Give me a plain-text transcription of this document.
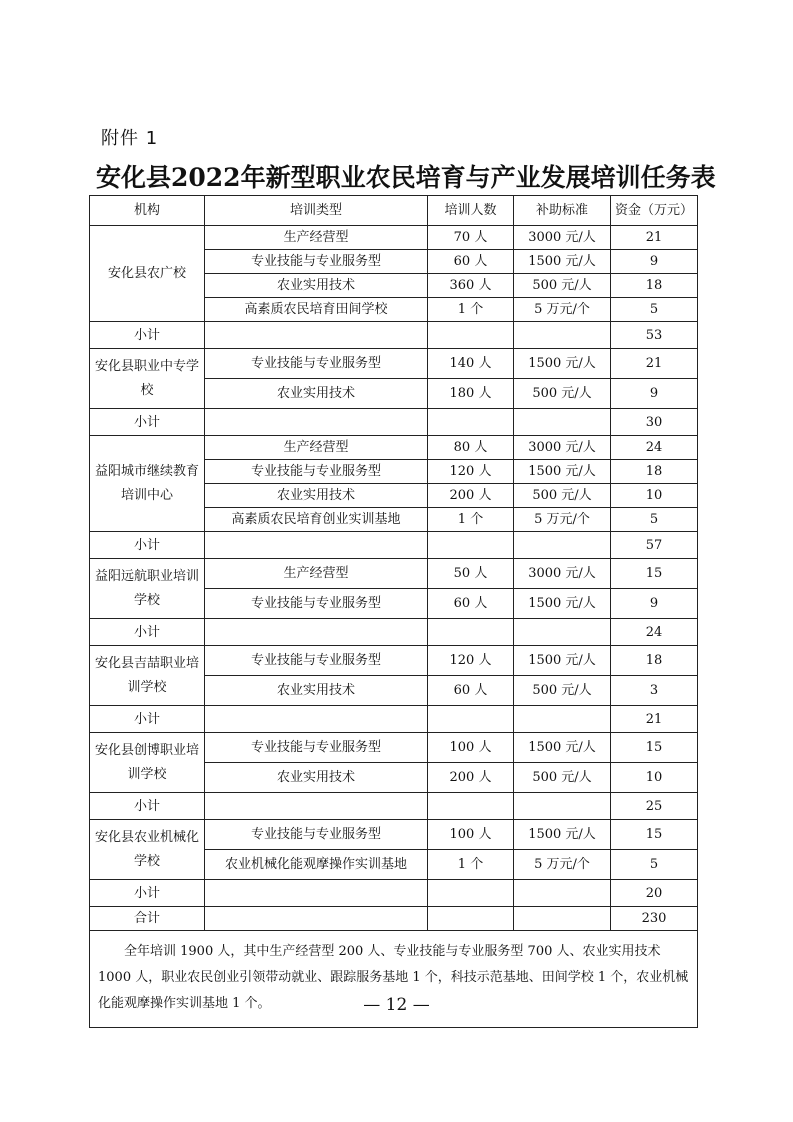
附件 1
安化县2022年新型职业农民培育与产业发展培训任务表
机构	培训类型	培训人数	补助标准	资金（万元）
安化县农广校	生产经营型	70 人	3000 元/人	21
	专业技能与专业服务型	60 人	1500 元/人	9
	农业实用技术	360 人	500 元/人	18
	高素质农民培育田间学校	1 个	5 万元/个	5
小计				53
安化县职业中专学校	专业技能与专业服务型	140 人	1500 元/人	21
	农业实用技术	180 人	500 元/人	9
小计				30
益阳城市继续教育培训中心	生产经营型	80 人	3000 元/人	24
	专业技能与专业服务型	120 人	1500 元/人	18
	农业实用技术	200 人	500 元/人	10
	高素质农民培育创业实训基地	1 个	5 万元/个	5
小计				57
益阳远航职业培训学校	生产经营型	50 人	3000 元/人	15
	专业技能与专业服务型	60 人	1500 元/人	9
小计				24
安化县吉喆职业培训学校	专业技能与专业服务型	120 人	1500 元/人	18
	农业实用技术	60 人	500 元/人	3
小计				21
安化县创博职业培训学校	专业技能与专业服务型	100 人	1500 元/人	15
	农业实用技术	200 人	500 元/人	10
小计				25
安化县农业机械化学校	专业技能与专业服务型	100 人	1500 元/人	15
	农业机械化能观摩操作实训基地	1 个	5 万元/个	5
小计				20
合计				230

全年培训 1900 人，其中生产经营型 200 人、专业技能与专业服务型 700 人、农业实用技术 1000 人，职业农民创业引领带动就业、跟踪服务基地 1 个，科技示范基地、田间学校 1 个，农业机械化能观摩操作实训基地 1 个。					— 12 —
